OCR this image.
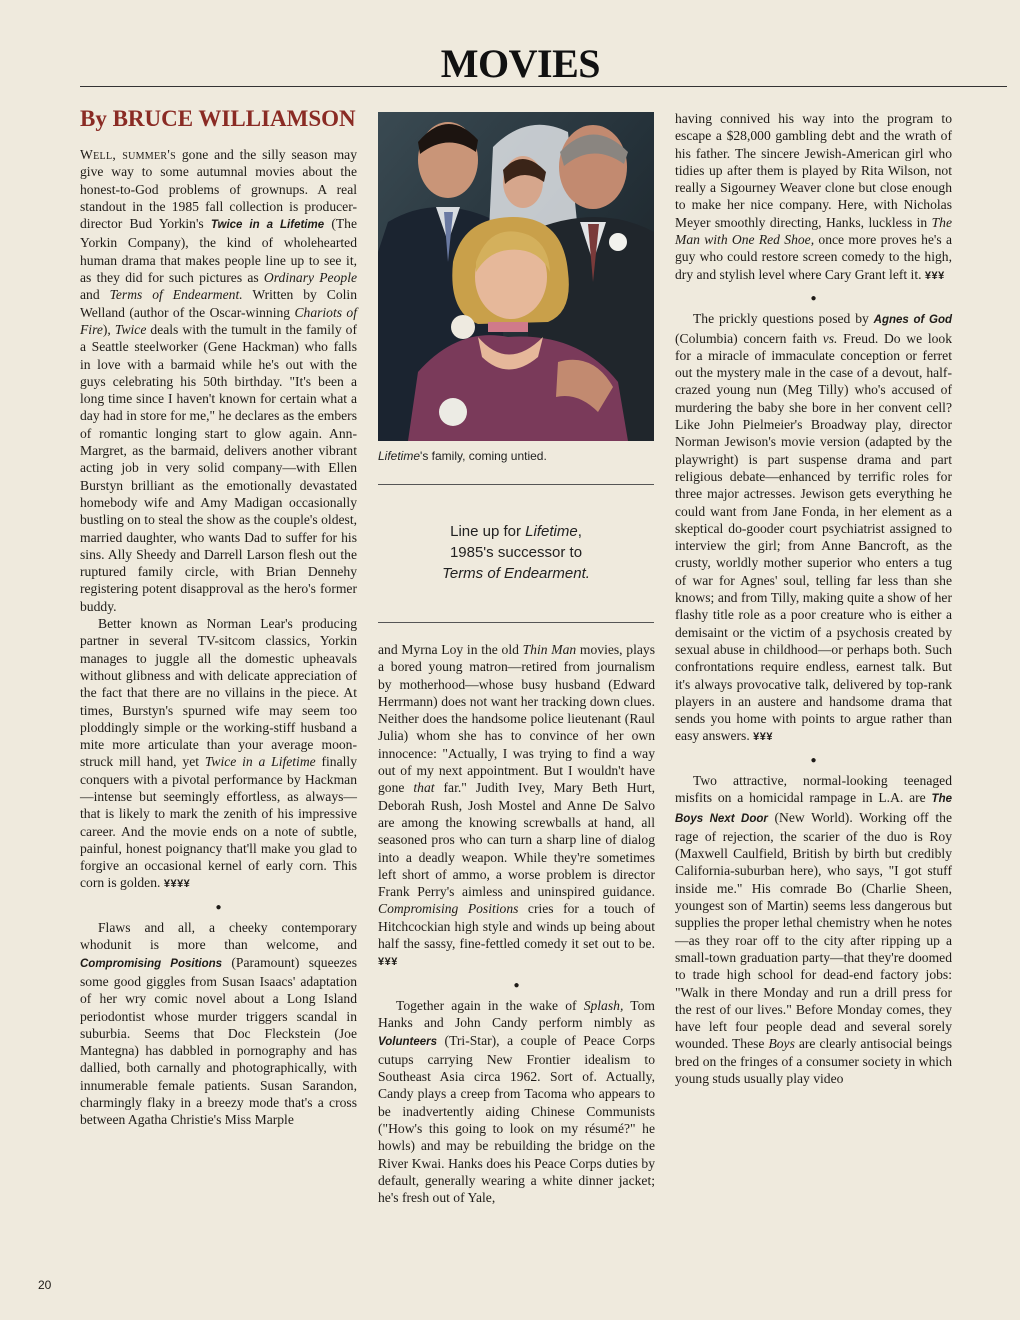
MOVIES
By BRUCE WILLIAMSON

Well, summer's gone and the silly season may give way to some autumnal movies about the honest-to-God problems of grownups. A real standout in the 1985 fall collection is producer-director Bud Yorkin's Twice in a Lifetime (The Yorkin Company), the kind of wholehearted human drama that makes people line up to see it, as they did for such pictures as Ordinary People and Terms of Endearment. Written by Colin Welland (author of the Oscar-winning Chariots of Fire), Twice deals with the tumult in the family of a Seattle steelworker (Gene Hackman) who falls in love with a barmaid while he's out with the guys celebrating his 50th birthday. "It's been a long time since I haven't known for certain what a day had in store for me," he declares as the embers of romantic longing start to glow again. Ann-Margret, as the barmaid, delivers another vibrant acting job in very solid company—with Ellen Burstyn brilliant as the emotionally devastated homebody wife and Amy Madigan occasionally bustling on to steal the show as the couple's oldest, married daughter, who wants Dad to suffer for his sins. Ally Sheedy and Darrell Larson flesh out the ruptured family circle, with Brian Dennehy registering potent disapproval as the hero's former buddy.

Better known as Norman Lear's producing partner in several TV-sitcom classics, Yorkin manages to juggle all the domestic upheavals without glibness and with delicate appreciation of the fact that there are no villains in the piece. At times, Burstyn's spurned wife may seem too ploddingly simple or the working-stiff husband a mite more articulate than your average moon-struck mill hand, yet Twice in a Lifetime finally conquers with a pivotal performance by Hackman—intense but seemingly effortless, as always—that is likely to mark the zenith of his impressive career. And the movie ends on a note of subtle, painful, honest poignancy that'll make you glad to forgive an occasional kernel of early corn. This corn is golden. ¥¥¥¥

●

Flaws and all, a cheeky contemporary whodunit is more than welcome, and Compromising Positions (Paramount) squeezes some good giggles from Susan Isaacs' adaptation of her wry comic novel about a Long Island periodontist whose murder triggers scandal in suburbia. Seems that Doc Fleckstein (Joe Mantegna) has dabbled in pornography and has dallied, both carnally and photographically, with innumerable female patients. Susan Sarandon, charmingly flaky in a breezy mode that's a cross between Agatha Christie's Miss Marple

Lifetime's family, coming untied.
Line up for Lifetime,
1985's successor to
Terms of Endearment.

and Myrna Loy in the old Thin Man movies, plays a bored young matron—retired from journalism by motherhood—whose busy husband (Edward Herrmann) does not want her tracking down clues. Neither does the handsome police lieutenant (Raul Julia) whom she has to convince of her own innocence: "Actually, I was trying to find a way out of my next appointment. But I wouldn't have gone that far." Judith Ivey, Mary Beth Hurt, Deborah Rush, Josh Mostel and Anne De Salvo are among the knowing screwballs at hand, all seasoned pros who can turn a sharp line of dialog into a deadly weapon. While they're sometimes left short of ammo, a worse problem is director Frank Perry's aimless and uninspired guidance. Compromising Positions cries for a touch of Hitchcockian high style and winds up being about half the sassy, fine-fettled comedy it set out to be. ¥¥¥

●

Together again in the wake of Splash, Tom Hanks and John Candy perform nimbly as Volunteers (Tri-Star), a couple of Peace Corps cutups carrying New Frontier idealism to Southeast Asia circa 1962. Sort of. Actually, Candy plays a creep from Tacoma who appears to be inadvertently aiding Chinese Communists ("How's this going to look on my résumé?" he howls) and may be rebuilding the bridge on the River Kwai. Hanks does his Peace Corps duties by default, generally wearing a white dinner jacket; he's fresh out of Yale,

having connived his way into the program to escape a $28,000 gambling debt and the wrath of his father. The sincere Jewish-American girl who tidies up after them is played by Rita Wilson, not really a Sigourney Weaver clone but close enough to make her nice company. Here, with Nicholas Meyer smoothly directing, Hanks, luckless in The Man with One Red Shoe, once more proves he's a guy who could restore screen comedy to the high, dry and stylish level where Cary Grant left it. ¥¥¥

●

The prickly questions posed by Agnes of God (Columbia) concern faith vs. Freud. Do we look for a miracle of immaculate conception or ferret out the mystery male in the case of a devout, half-crazed young nun (Meg Tilly) who's accused of murdering the baby she bore in her convent cell? Like John Pielmeier's Broadway play, director Norman Jewison's movie version (adapted by the playwright) is part suspense drama and part religious debate—enhanced by terrific roles for three major actresses. Jewison gets everything he could want from Jane Fonda, in her element as a skeptical do-gooder court psychiatrist assigned to interview the girl; from Anne Bancroft, as the crusty, worldly mother superior who enters a tug of war for Agnes' soul, telling far less than she knows; and from Tilly, making quite a show of her flashy title role as a poor creature who is either a demisaint or the victim of a psychosis created by sexual abuse in childhood—or perhaps both. Such confrontations require endless, earnest talk. But it's always provocative talk, delivered by top-rank players in an austere and handsome drama that sends you home with points to argue rather than easy answers. ¥¥¥

●

Two attractive, normal-looking teenaged misfits on a homicidal rampage in L.A. are The Boys Next Door (New World). Working off the rage of rejection, the scarier of the duo is Roy (Maxwell Caulfield, British by birth but credibly California-suburban here), who says, "I got stuff inside me." His comrade Bo (Charlie Sheen, youngest son of Martin) seems less dangerous but supplies the proper lethal chemistry when he notes—as they roar off to the city after ripping up a small-town graduation party—that they're doomed to trade high school for dead-end factory jobs: "Walk in there Monday and run a drill press for the rest of our lives." Before Monday comes, they have left four people dead and several sorely wounded. These Boys are clearly antisocial beings bred on the fringes of a consumer society in which young studs usually play video

20
